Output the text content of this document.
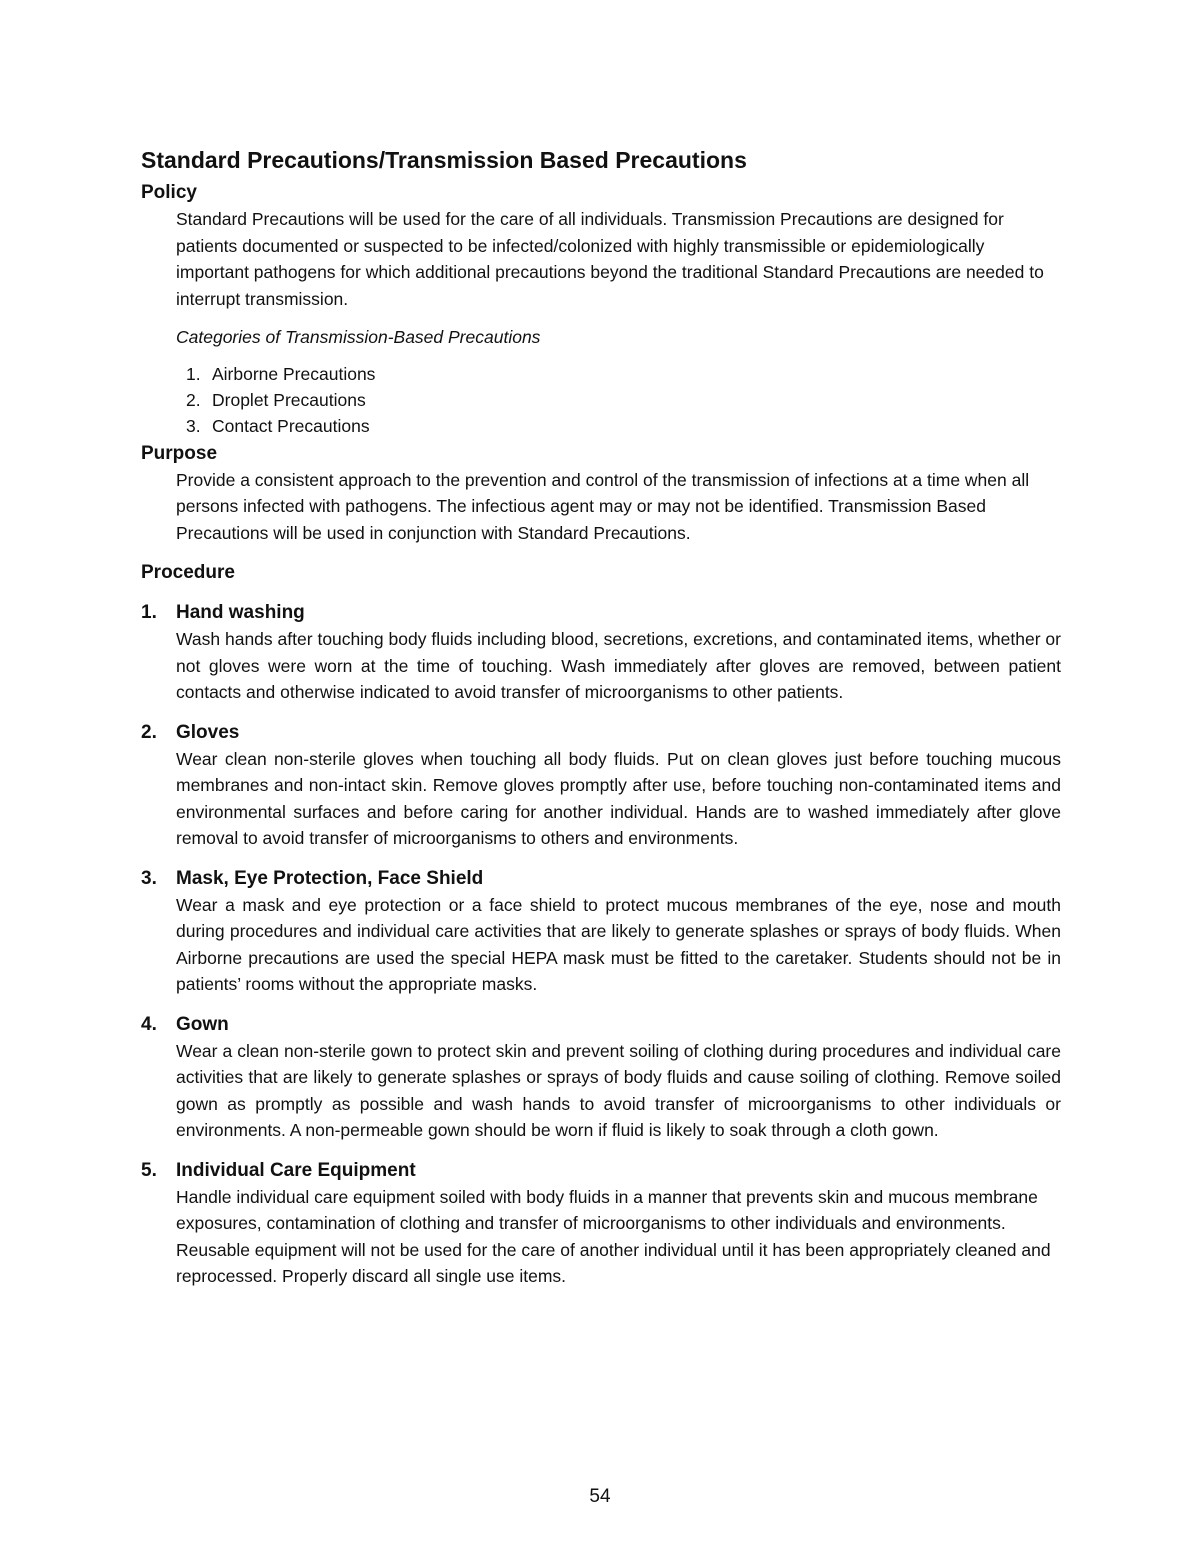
Standard Precautions/Transmission Based Precautions
Policy

Standard Precautions will be used for the care of all individuals. Transmission Precautions are designed for patients documented or suspected to be infected/colonized with highly transmissible or epidemiologically important pathogens for which additional precautions beyond the traditional Standard Precautions are needed to interrupt transmission.

Categories of Transmission-Based Precautions

1. Airborne Precautions
2. Droplet Precautions
3. Contact Precautions
Purpose

Provide a consistent approach to the prevention and control of the transmission of infections at a time when all persons infected with pathogens. The infectious agent may or may not be identified. Transmission Based Precautions will be used in conjunction with Standard Precautions.

Procedure

1. Hand washing

Wash hands after touching body fluids including blood, secretions, excretions, and contaminated items, whether or not gloves were worn at the time of touching. Wash immediately after gloves are removed, between patient contacts and otherwise indicated to avoid transfer of microorganisms to other patients.

2. Gloves

Wear clean non-sterile gloves when touching all body fluids. Put on clean gloves just before touching mucous membranes and non-intact skin. Remove gloves promptly after use, before touching non-contaminated items and environmental surfaces and before caring for another individual. Hands are to washed immediately after glove removal to avoid transfer of microorganisms to others and environments.

3. Mask, Eye Protection, Face Shield

Wear a mask and eye protection or a face shield to protect mucous membranes of the eye, nose and mouth during procedures and individual care activities that are likely to generate splashes or sprays of body fluids. When Airborne precautions are used the special HEPA mask must be fitted to the caretaker. Students should not be in patients’ rooms without the appropriate masks.

4. Gown

Wear a clean non-sterile gown to protect skin and prevent soiling of clothing during procedures and individual care activities that are likely to generate splashes or sprays of body fluids and cause soiling of clothing. Remove soiled gown as promptly as possible and wash hands to avoid transfer of microorganisms to other individuals or environments. A non-permeable gown should be worn if fluid is likely to soak through a cloth gown.

5. Individual Care Equipment

Handle individual care equipment soiled with body fluids in a manner that prevents skin and mucous membrane exposures, contamination of clothing and transfer of microorganisms to other individuals and environments. Reusable equipment will not be used for the care of another individual until it has been appropriately cleaned and reprocessed. Properly discard all single use items.

54
